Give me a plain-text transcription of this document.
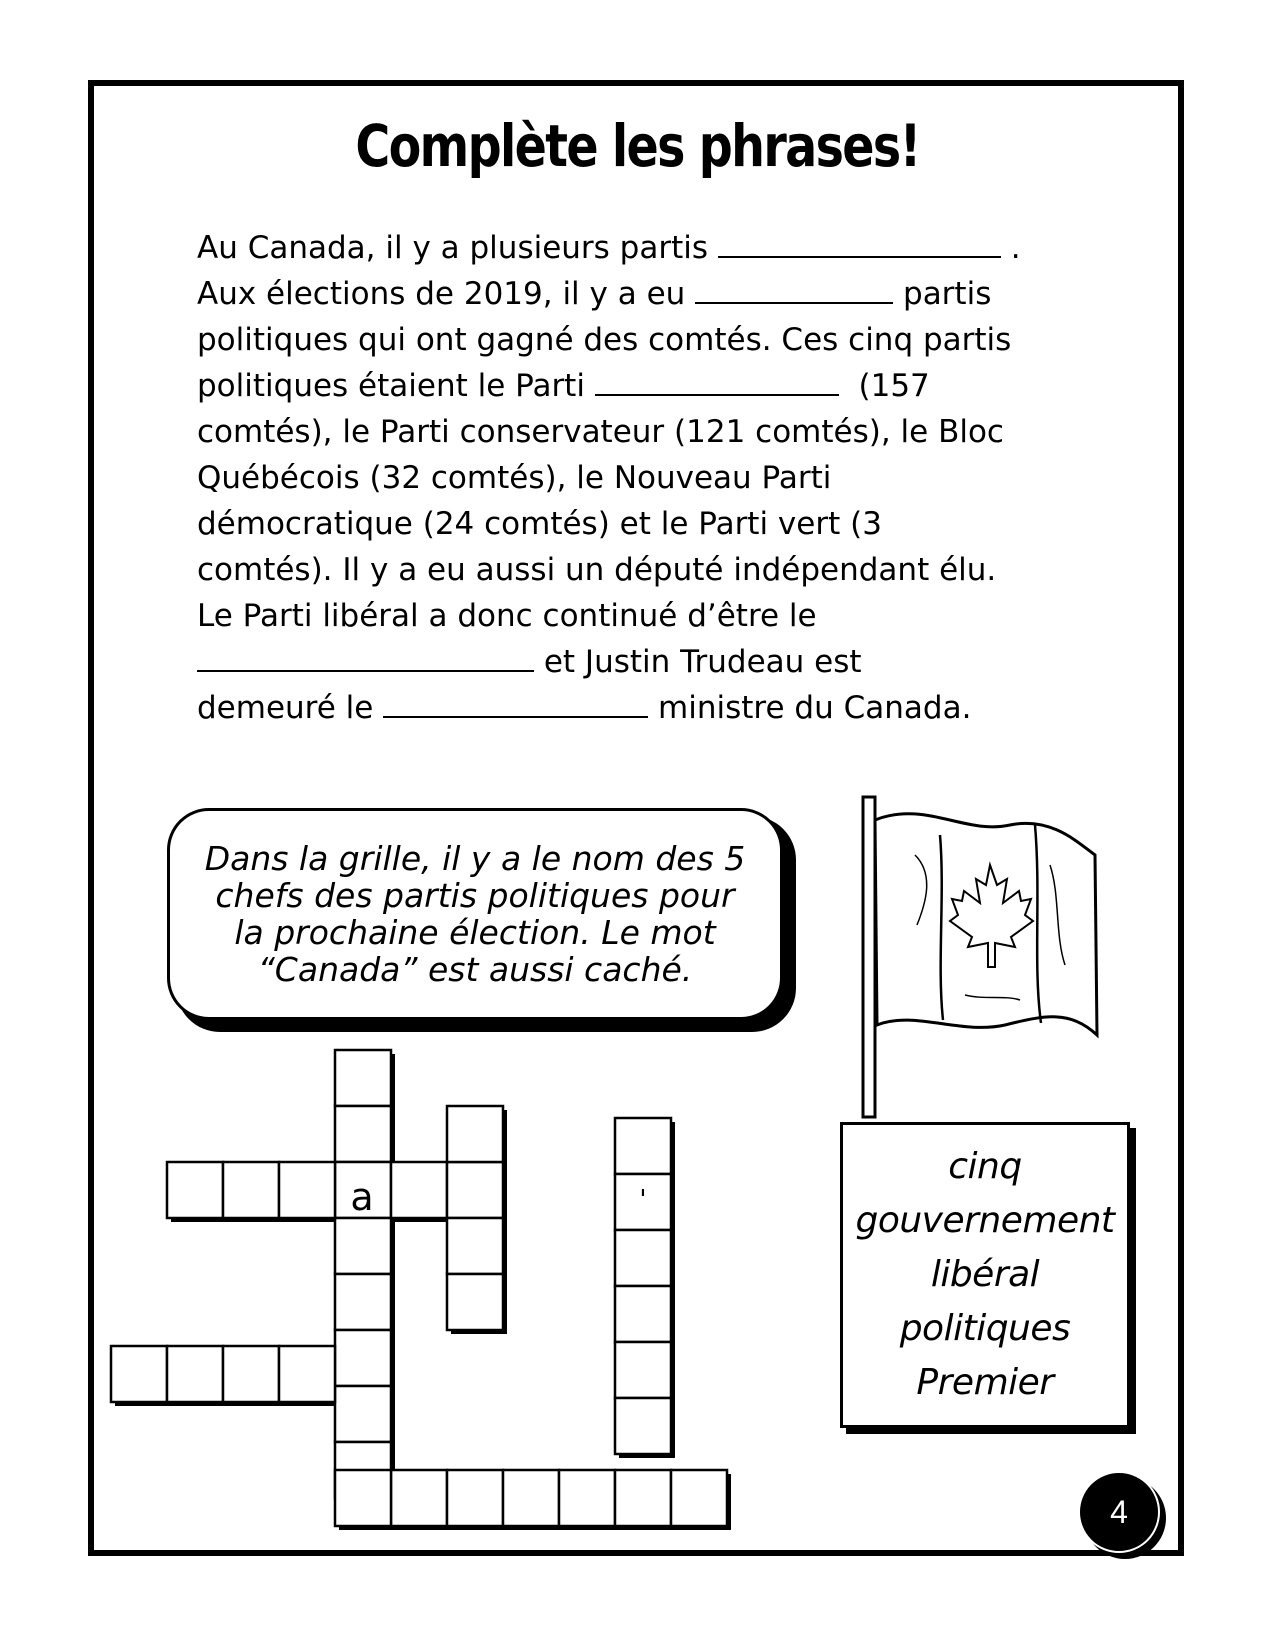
Complète les phrases!
Au Canada, il y a plusieurs partis	.
Aux élections de 2019, il y a eu	partis
politiques qui ont gagné des comtés. Ces cinq partis
politiques étaient le Parti	(157
comtés), le Parti conservateur (121 comtés), le Bloc
Québécois (32 comtés), le Nouveau Parti
démocratique (24 comtés) et le Parti vert (3
comtés). Il y a eu aussi un député indépendant élu.
Le Parti libéral a donc continué d’être le
et Justin Trudeau est
demeuré le	ministre du Canada.
Dans la grille, il y a le nom des 5
chefs des partis politiques pour
la prochaine élection. Le mot
“Canada” est aussi caché.
a	'
cinq
gouvernement
libéral
politiques
Premier
4
